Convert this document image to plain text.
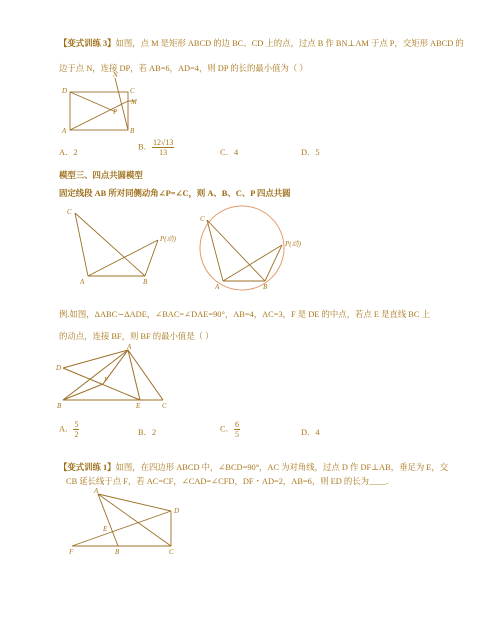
【变式训练 3】如图，点 M 是矩形 ABCD 的边 BC、CD 上的点，过点 B 作 BN⊥AM 于点 P，交矩形 ABCD 的
边于点 N，连接 DP，若 AB=6，AD=4，则 DP 的长的最小值为（ ）
N
D	C
M
P
A	B
A．2
B． $\frac{12√13}{13}$	C．4	D．5
模型三、四点共圆模型
固定线段 AB 所对同侧动角∠P=∠C，则 A、B、C、P 四点共圆
C
P(动)
A	B
C
P(动)
A	B
例.如图，ΔABC∼ΔADE，∠BAC=∠DAE=90°，AB=4，AC=3，F 是 DE 的中点，若点 E 是直线 BC 上
的动点，连接 BF，则 BF 的最小值是（ ）
A
D
F
B	E	C
A． $\frac{5}{2}$	B．2	C． $\frac{6}{5}$	D．4
【变式训练 1】如图，在四边形 ABCD 中，∠BCD=90°，AC 为对角线，过点 D 作 DF⊥AB，垂足为 E，交
CB 延长线于点 F，若 AC=CF，∠CAD=∠CFD，DF・AD=2，AB=6，则 ED 的长为____．
A
D
E
F	B	C
